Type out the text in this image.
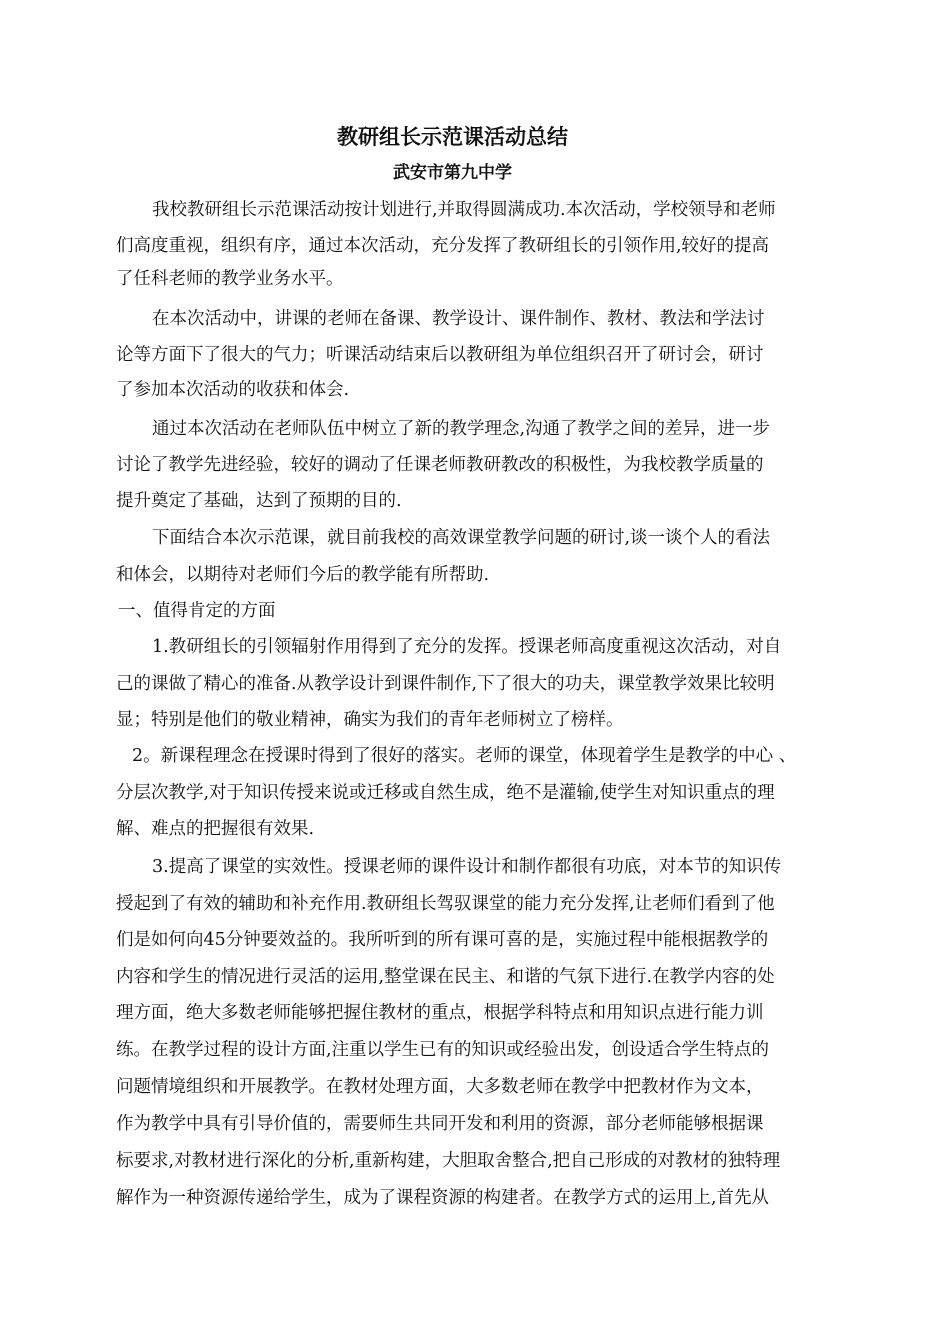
教研组长示范课活动总结
武安市第九中学
我校教研组长示范课活动按计划进行,并取得圆满成功.本次活动，学校领导和老师
们高度重视，组织有序，通过本次活动，充分发挥了教研组长的引领作用,较好的提高
了任科老师的教学业务水平。
在本次活动中，讲课的老师在备课、教学设计、课件制作、教材、教法和学法讨
论等方面下了很大的气力；听课活动结束后以教研组为单位组织召开了研讨会，研讨
了参加本次活动的收获和体会.
通过本次活动在老师队伍中树立了新的教学理念,沟通了教学之间的差异，进一步
讨论了教学先进经验，较好的调动了任课老师教研教改的积极性，为我校教学质量的
提升奠定了基础，达到了预期的目的.
下面结合本次示范课，就目前我校的高效课堂教学问题的研讨,谈一谈个人的看法
和体会，以期待对老师们今后的教学能有所帮助.
一、值得肯定的方面
1.教研组长的引领辐射作用得到了充分的发挥。授课老师高度重视这次活动，对自
己的课做了精心的准备.从教学设计到课件制作,下了很大的功夫，课堂教学效果比较明
显；特别是他们的敬业精神，确实为我们的青年老师树立了榜样。
2。新课程理念在授课时得到了很好的落实。老师的课堂，体现着学生是教学的中心 、
分层次教学,对于知识传授来说或迁移或自然生成，绝不是灌输,使学生对知识重点的理
解、难点的把握很有效果.
3.提高了课堂的实效性。授课老师的课件设计和制作都很有功底，对本节的知识传
授起到了有效的辅助和补充作用.教研组长驾驭课堂的能力充分发挥,让老师们看到了他
们是如何向45分钟要效益的。我所听到的所有课可喜的是，实施过程中能根据教学的
内容和学生的情况进行灵活的运用,整堂课在民主、和谐的气氛下进行.在教学内容的处
理方面，绝大多数老师能够把握住教材的重点，根据学科特点和用知识点进行能力训
练。在教学过程的设计方面,注重以学生已有的知识或经验出发，创设适合学生特点的
问题情境组织和开展教学。在教材处理方面，大多数老师在教学中把教材作为文本，
作为教学中具有引导价值的，需要师生共同开发和利用的资源，部分老师能够根据课
标要求,对教材进行深化的分析,重新构建，大胆取舍整合,把自己形成的对教材的独特理
解作为一种资源传递给学生，成为了课程资源的构建者。在教学方式的运用上,首先从
